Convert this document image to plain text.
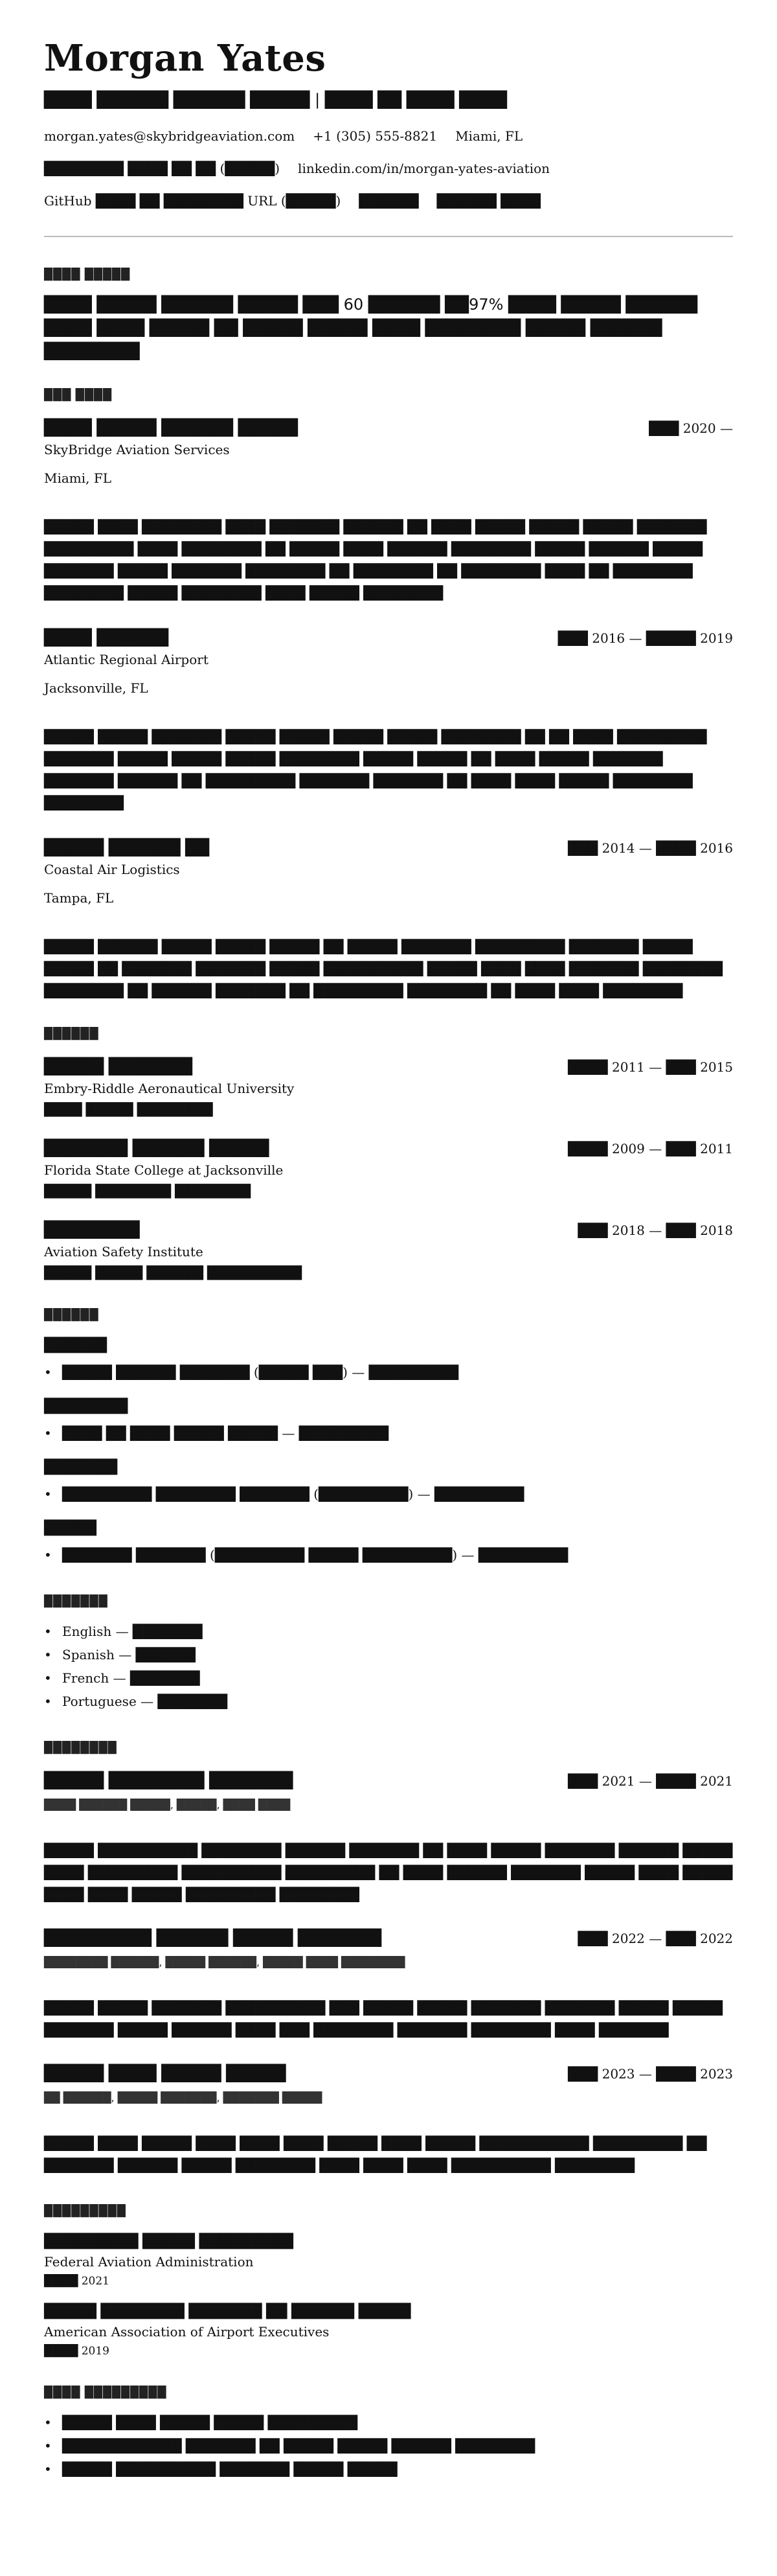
Morgan Yates
████ ██████ ██████ █████ | ████ ██ ████ ████
morgan.yates@skybridgeaviation.com +1 (305) 555-8821 Miami, FL
████████ ████ ██ ██ (█████) linkedin.com/in/morgan-yates-aviation
GitHub ████ ██ ████████ URL (█████) ██████ ██████ ████
████ █████
████ █████ ██████ █████ ███ 60 ██████ ██97% ████ █████ ██████ ████ ████ █████ ██ █████ █████ ████ ████████ █████ ██████ ████████
███ ████
████ █████ ██████ █████	███ 2020 —
SkyBridge Aviation Services
Miami, FL
█████ ████ ████████ ████ ███████ ██████ ██ ████ █████ █████ █████ ███████ █████████ ████ ████████ ██ █████ ████ ██████ ████████ █████ ██████ █████ ███████ █████ ███████ ████████ ██ ████████ ██ ████████ ████ ██ ████████ ████████ █████ ████████ ████ █████ ████████
████ ██████	███ 2016 — █████ 2019
Atlantic Regional Airport
Jacksonville, FL
█████ █████ ███████ █████ █████ █████ █████ ████████ ██ ██ ████ █████████ ███████ █████ █████ █████ ████████ █████ █████ ██ ████ █████ ███████ ███████ ██████ ██ █████████ ███████ ███████ ██ ████ ████ █████ ████████ ████████
█████ ██████ ██	███ 2014 — ████ 2016
Coastal Air Logistics
Tampa, FL
█████ ██████ █████ █████ █████ ██ █████ ███████ █████████ ███████ █████ █████ ██ ███████ ███████ █████ ██████████ █████ ████ ████ ███████ ████████ ████████ ██ ██████ ███████ ██ █████████ ████████ ██ ████ ████ ████████
██████
█████ ███████	████ 2011 — ███ 2015
Embry-Riddle Aeronautical University
████ █████ ████████
███████ ██████ █████	████ 2009 — ███ 2011
Florida State College at Jacksonville
█████ ████████ ████████
████████	███ 2018 — ███ 2018
Aviation Safety Institute
█████ █████ ██████ ██████████
██████
██████
• █████ ██████ ███████ (█████ ███) — █████████
████████
• ████ ██ ████ █████ █████ — █████████
███████
• █████████ ████████ ███████ (█████████) — █████████
█████
• ███████ ███████ (█████████ █████ █████████) — █████████
███████
• English — ███████
• Spanish — ██████
• French — ███████
• Portuguese — ███████
████████
█████ ████████ ███████	███ 2021 — ████ 2021
████ ██████ █████, █████, ████ ████
█████ ██████████ ████████ ██████ ███████ ██ ████ █████ ███████ ██████ █████ ████ █████████ ██████████ █████████ ██ ████ ██████ ███████ █████ ████ █████ ████ ████ █████ █████████ ████████
█████████ ██████ █████ ███████	███ 2022 — ███ 2022
████████ ██████, █████ ██████, █████ ████ ████████
█████ █████ ███████ ██████████ ███ █████ █████ ███████ ███████ █████ █████ ███████ █████ ██████ ████ ███ ████████ ███████ ████████ ████ ███████
█████ ████ █████ █████	███ 2023 — ████ 2023
██ ██████, █████ ███████, ███████ █████
█████ ████ █████ ████ ████ ████ █████ ████ █████ ███████████ █████████ ██ ███████ ██████ █████ ████████ ████ ████ ████ ██████████ ████████
█████████
█████████ █████ █████████
Federal Aviation Administration
████ 2021
█████ ████████ ███████ ██ ██████ █████
American Association of Airport Executives
████ 2019
████ █████████
• █████ ████ █████ █████ █████████
• ████████████ ███████ ██ █████ █████ ██████ ████████
• █████ ██████████ ███████ █████ █████
